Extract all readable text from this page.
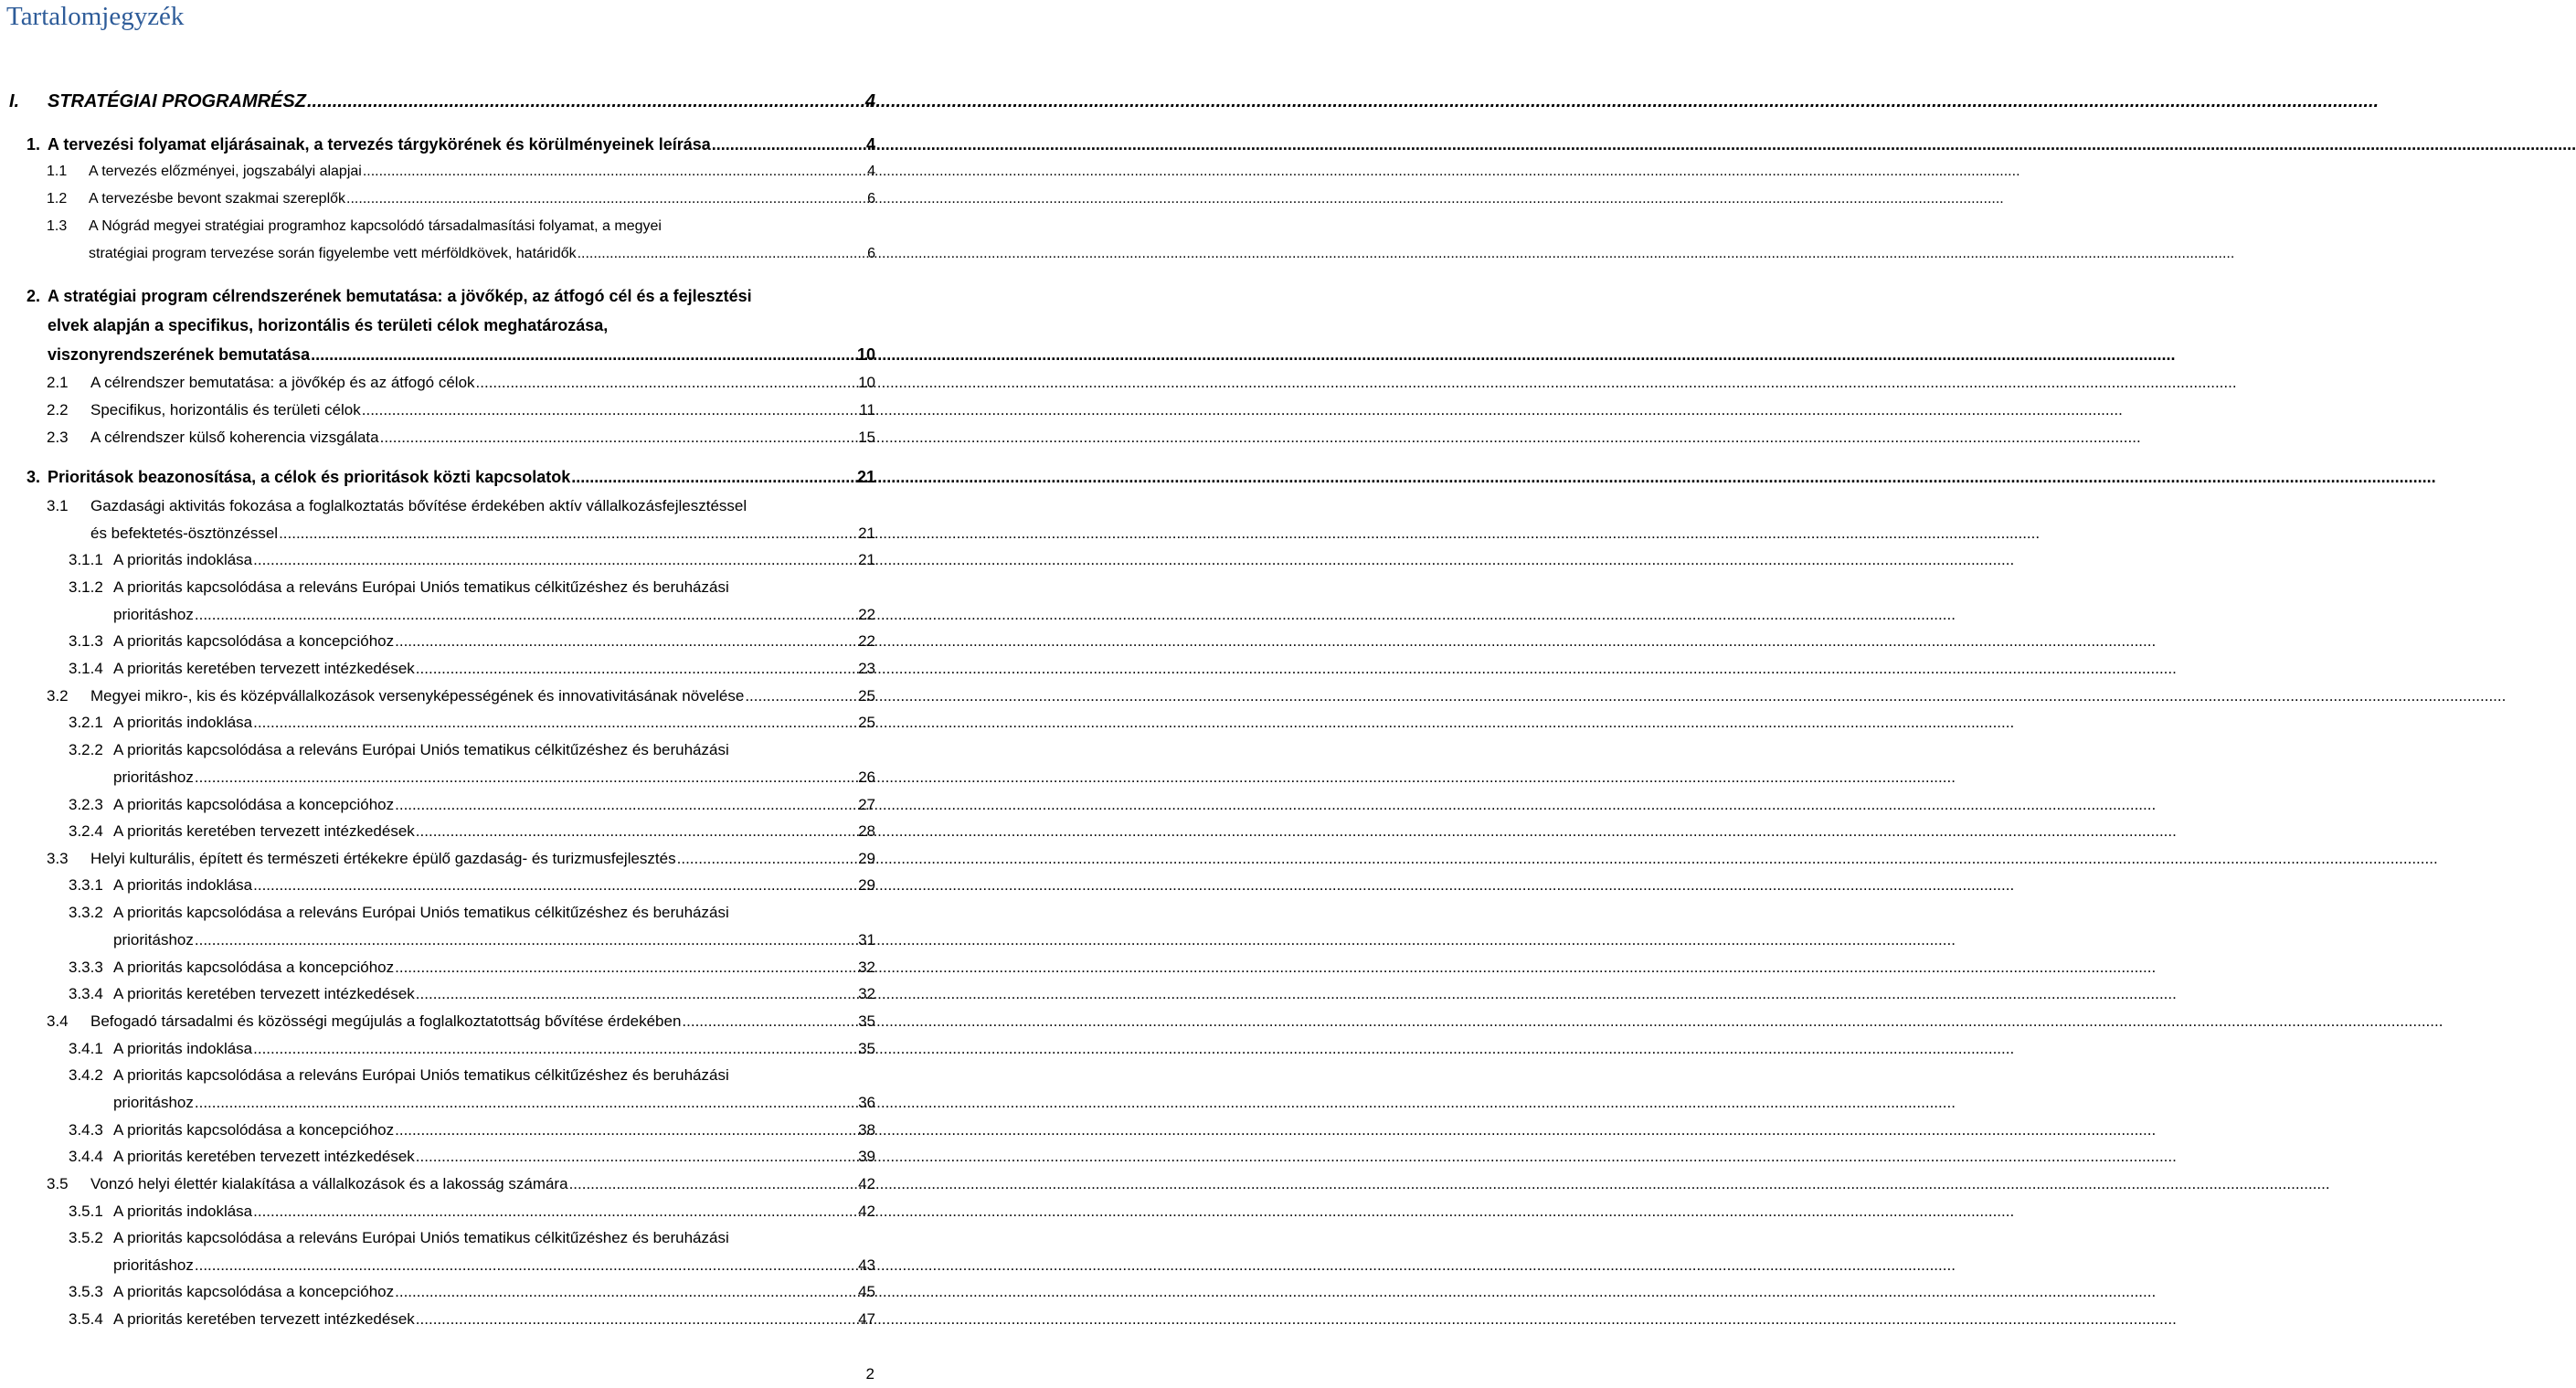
Tartalomjegyzék
I.	STRATÉGIAI PROGRAMRÉSZ .....	4
1. A tervezési folyamat eljárásainak, a tervezés tárgykörének és körülményeinek leírása .....	4
1.1	A tervezés előzményei, jogszabályi alapjai .....	4
1.2	A tervezésbe bevont szakmai szereplők .....	6
1.3 A Nógrád megyei stratégiai programhoz kapcsolódó társadalmasítási folyamat, a megyei
stratégiai program tervezése során figyelembe vett mérföldkövek, határidők .....	6
2. A stratégiai program célrendszerének bemutatása: a jövőkép, az átfogó cél és a fejlesztési
elvek alapján a specifikus, horizontális és területi célok meghatározása,
viszonyrendszerének bemutatása .....	10
2.1	A célrendszer bemutatása: a jövőkép és az átfogó célok .....	10
2.2	Specifikus, horizontális és területi célok .....	11
2.3	A célrendszer külső koherencia vizsgálata .....	15
3. Prioritások beazonosítása, a célok és prioritások közti kapcsolatok .....	21
3.1 Gazdasági aktivitás fokozása a foglalkoztatás bővítése érdekében aktív vállalkozásfejlesztéssel
és befektetés-ösztönzéssel .....	21
3.1.1 A prioritás indoklása .....	21
3.1.2 A prioritás kapcsolódása a releváns Európai Uniós tematikus célkitűzéshez és beruházási
prioritáshoz .....	22
3.1.3 A prioritás kapcsolódása a koncepcióhoz .....	22
3.1.4 A prioritás keretében tervezett intézkedések .....	23
3.2	Megyei mikro-, kis és középvállalkozások versenyképességének és innovativitásának növelése .....	25
3.2.1 A prioritás indoklása .....	25
3.2.2 A prioritás kapcsolódása a releváns Európai Uniós tematikus célkitűzéshez és beruházási
prioritáshoz .....	26
3.2.3 A prioritás kapcsolódása a koncepcióhoz .....	27
3.2.4 A prioritás keretében tervezett intézkedések .....	28
3.3	Helyi kulturális, épített és természeti értékekre épülő gazdaság- és turizmusfejlesztés .....	29
3.3.1 A prioritás indoklása .....	29
3.3.2 A prioritás kapcsolódása a releváns Európai Uniós tematikus célkitűzéshez és beruházási
prioritáshoz .....	31
3.3.3 A prioritás kapcsolódása a koncepcióhoz .....	32
3.3.4 A prioritás keretében tervezett intézkedések .....	32
3.4	Befogadó társadalmi és közösségi megújulás a foglalkoztatottság bővítése érdekében .....	35
3.4.1 A prioritás indoklása .....	35
3.4.2 A prioritás kapcsolódása a releváns Európai Uniós tematikus célkitűzéshez és beruházási
prioritáshoz .....	36
3.4.3 A prioritás kapcsolódása a koncepcióhoz .....	38
3.4.4 A prioritás keretében tervezett intézkedések .....	39
3.5	Vonzó helyi élettér kialakítása a vállalkozások és a lakosság számára .....	42
3.5.1 A prioritás indoklása .....	42
3.5.2 A prioritás kapcsolódása a releváns Európai Uniós tematikus célkitűzéshez és beruházási
prioritáshoz .....	43
3.5.3 A prioritás kapcsolódása a koncepcióhoz .....	45
3.5.4 A prioritás keretében tervezett intézkedések .....	47
2
